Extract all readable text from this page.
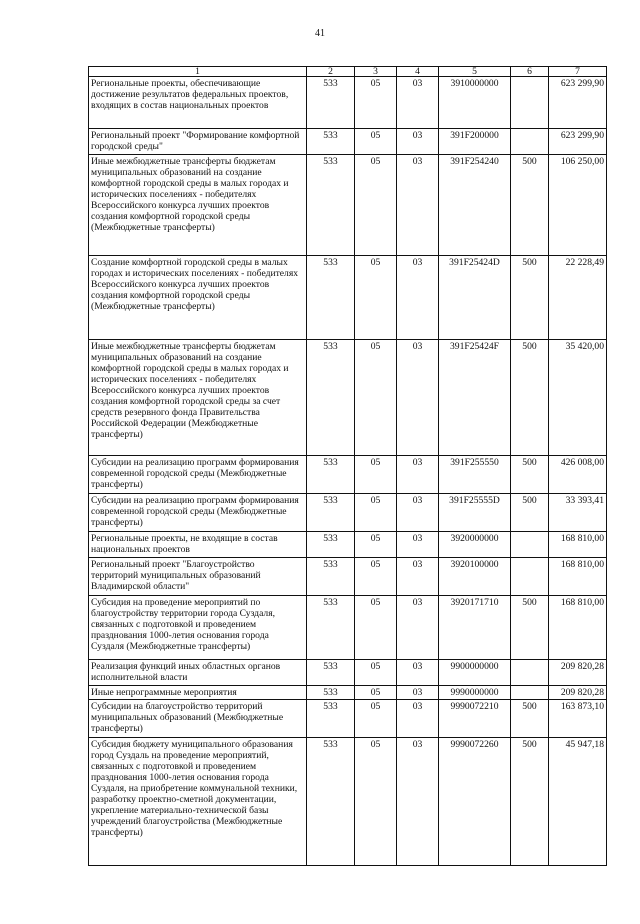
41
1	2	3	4	5	6	7
Региональные проекты, обеспечивающие достижение результатов федеральных проектов, входящих в состав национальных проектов	533	05	03	3910000000		623 299,90
Региональный проект "Формирование комфортной городской среды"	533	05	03	391F200000		623 299,90
Иные межбюджетные трансферты бюджетам муниципальных образований на создание комфортной городской среды в малых городах и исторических поселениях - победителях Всероссийского конкурса лучших проектов создания комфортной городской среды (Межбюджетные трансферты)	533	05	03	391F254240	500	106 250,00
Создание комфортной городской среды в малых городах и исторических поселениях - победителях Всероссийского конкурса лучших проектов создания комфортной городской среды (Межбюджетные трансферты)	533	05	03	391F25424D	500	22 228,49
Иные межбюджетные трансферты бюджетам муниципальных образований на создание комфортной городской среды в малых городах и исторических поселениях - победителях Всероссийского конкурса лучших проектов создания комфортной городской среды за счет средств резервного фонда Правительства Российской Федерации (Межбюджетные трансферты)	533	05	03	391F25424F	500	35 420,00
Субсидии на реализацию программ формирования современной городской среды (Межбюджетные трансферты)	533	05	03	391F255550	500	426 008,00
Субсидии на реализацию программ формирования современной городской среды (Межбюджетные трансферты)	533	05	03	391F25555D	500	33 393,41
Региональные проекты, не входящие в состав национальных проектов	533	05	03	3920000000		168 810,00
Региональный проект "Благоустройство территорий муниципальных образований Владимирской области"	533	05	03	3920100000		168 810,00
Субсидия на проведение мероприятий по благоустройству территории города Суздаля, связанных с подготовкой и проведением празднования 1000-летия основания города Суздаля (Межбюджетные трансферты)	533	05	03	3920171710	500	168 810,00
Реализация функций иных областных органов исполнительной власти	533	05	03	9900000000		209 820,28
Иные непрограммные мероприятия	533	05	03	9990000000		209 820,28
Субсидии на благоустройство территорий муниципальных образований (Межбюджетные трансферты)	533	05	03	9990072210	500	163 873,10
Субсидия бюджету муниципального образования город Суздаль на проведение мероприятий, связанных с подготовкой и проведением празднования 1000-летия основания города Суздаля, на приобретение коммунальной техники, разработку проектно-сметной документации, укрепление материально-технической базы учреждений благоустройства (Межбюджетные трансферты)	533	05	03	9990072260	500	45 947,18
